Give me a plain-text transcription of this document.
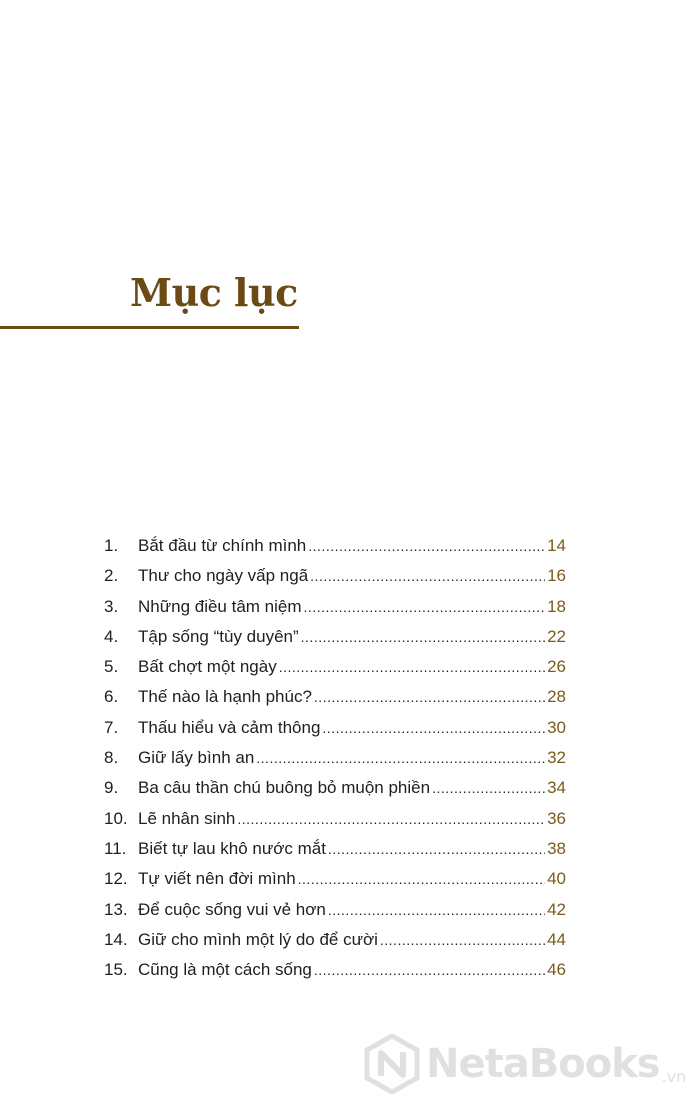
Mục lục
1.	Bắt đầu từ chính mình .....	14
2.	Thư cho ngày vấp ngã .....	16
3.	Những điều tâm niệm .....	18
4.	Tập sống “tùy duyên” .....	22
5.	Bất chợt một ngày .....	26
6.	Thế nào là hạnh phúc? .....	28
7.	Thấu hiểu và cảm thông .....	30
8.	Giữ lấy bình an .....	32
9.	Ba câu thần chú buông bỏ muộn phiền .....	34
10. Lẽ nhân sinh .....	36
11. Biết tự lau khô nước mắt .....	38
12. Tự viết nên đời mình .....	40
13. Để cuộc sống vui vẻ hơn .....	42
14. Giữ cho mình một lý do để cười .....	44
15. Cũng là một cách sống .....	46
NetaBooks .vn
